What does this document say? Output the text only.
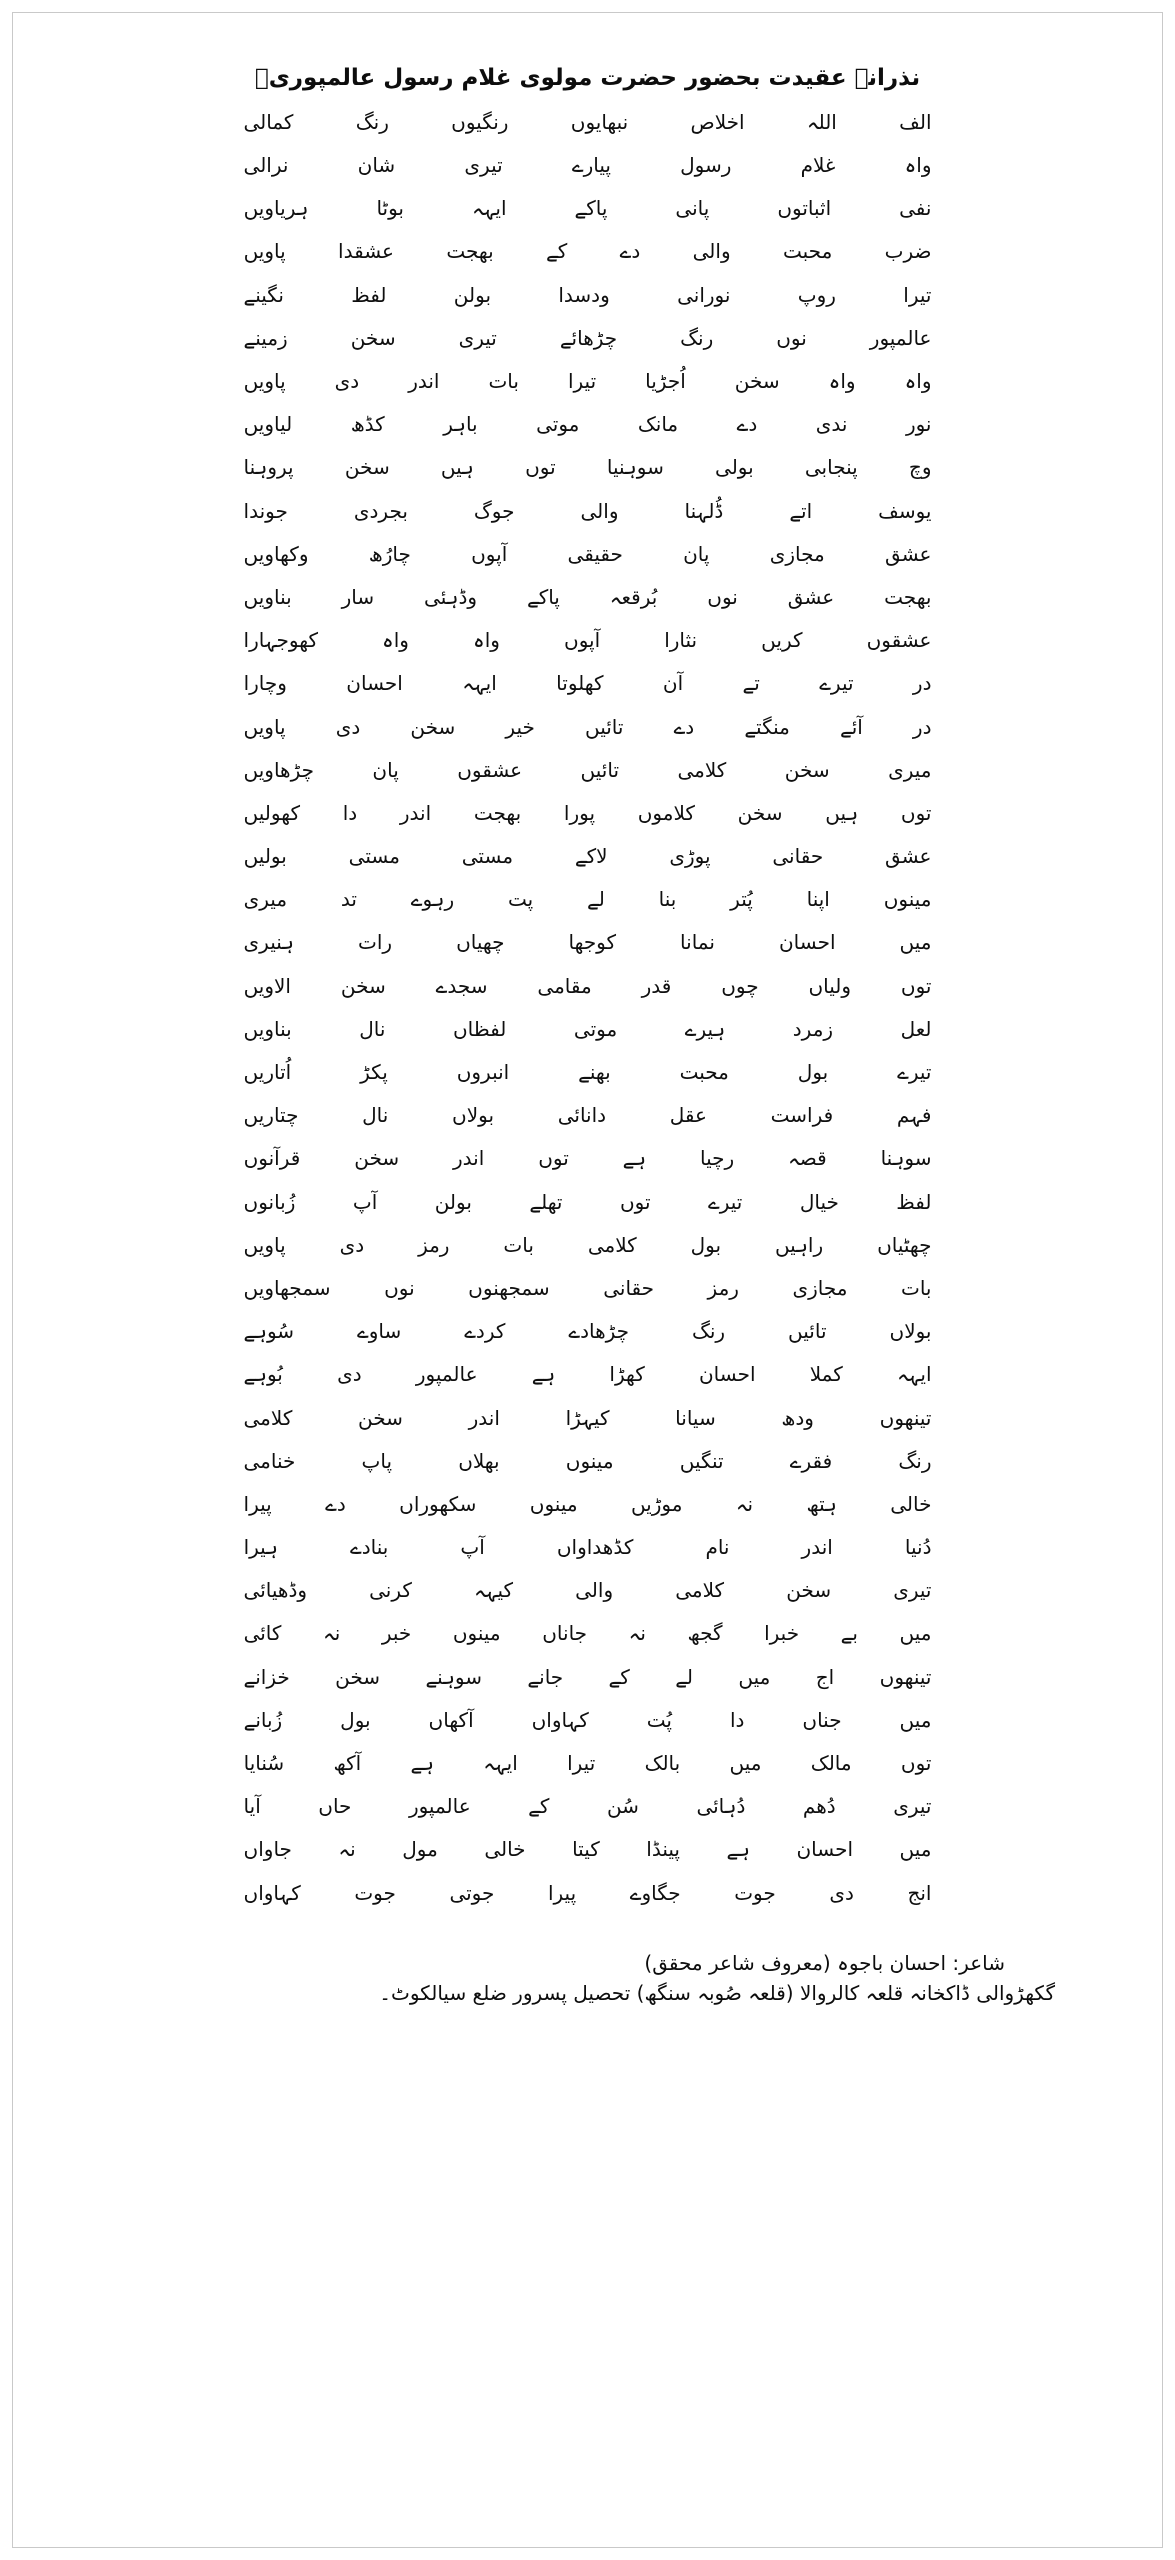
نذرانہ عقیدت بحضور حضرت مولوی غلام رسول عالمپوریؒ
الف
اللہ
اخلاص
نبھایوں
رنگیوں
رنگ
کمالی
واہ
غلام
رسول
پیارے
تیری
شان
نرالی
نفی
اثباتوں
پانی
پاکے
ایہہ
بوٹا
ہریاویں
ضرب
محبت
والی
دے
کے
بھجت
عشقدا
پاویں
تیرا
روپ
نورانی
ودسدا
بولن
لفظ
نگینے
عالمپور
نوں
رنگ
چڑھائے
تیری
سخن
زمینے
واہ
واہ
سخن
اُجڑیا
تیرا
بات
اندر
دی
پاویں
نور
ندی
دے
مانک
موتی
باہر
کڈھ
لیاویں
وچ
پنجابی
بولی
سوہنیا
توں
ہیں
سخن
پروہنا
یوسف
اتے
ڈُلہنا
والی
جوگ
بجردی
جوندا
عشق
مجازی
پان
حقیقی
آپوں
چارُھ
وکھاویں
بھجت
عشق
نوں
بُرقعہ
پاکے
وڈہئی
سار
بناویں
عشقوں
کریں
نثارا
آپوں
واہ
واہ
کھوجہارا
در
تیرے
تے
آن
کھلوتا
ایہہ
احسان
وچارا
در
آئے
منگتے
دے
تائیں
خیر
سخن
دی
پاویں
میری
سخن
کلامی
تائیں
عشقوں
پان
چڑھاویں
توں
ہیں
سخن
کلاموں
پورا
بھجت
اندر
دا
کھولیں
عشق
حقانی
پوڑی
لاکے
مستی
مستی
بولیں
مینوں
اپنا
پُتر
بنا
لے
پت
رہوے
تد
میری
میں
احسان
نمانا
کوجھا
چھیاں
رات
ہنیری
توں
ولیاں
چوں
قدر
مقامی
سجدے
سخن
الاویں
لعل
زمرد
ہیرے
موتی
لفظاں
نال
بناویں
تیرے
بول
محبت
بھنے
انبروں
پکڑ
اُتاریں
فہم
فراست
عقل
دانائی
بولاں
نال
چتاریں
سوہنا
قصہ
رچیا
ہے
توں
اندر
سخن
قرآنوں
لفظ
خیال
تیرے
توں
تھلے
بولن
آپ
زُبانوں
چھٹیاں
راہیں
بول
کلامی
بات
رمز
دی
پاویں
بات
مجازی
رمز
حقانی
سمجھنوں
نوں
سمجھاویں
بولاں
تائیں
رنگ
چڑھادے
کردے
ساوے
سُوہے
ایہہ
کملا
احسان
کھڑا
ہے
عالمپور
دی
بُوہے
تینھوں
ودھ
سیانا
کیہڑا
اندر
سخن
کلامی
رنگ
فقرے
تنگیں
مینوں
بھلاں
پاپ
خنامی
خالی
ہتھ
نہ
موڑیں
مینوں
سکھوراں
دے
پیرا
دُنیا
اندر
نام
کڈھداواں
آپ
بنادے
ہیرا
تیری
سخن
کلامی
والی
کیہہ
کرنی
وڈھیائی
میں
بے
خبرا
گجھ
نہ
جاناں
مینوں
خبر
نہ
کائی
تینھوں
اج
میں
لے
کے
جانے
سوہنے
سخن
خزانے
میں
جناں
دا
پُت
کہاواں
آکھاں
بول
زُبانے
توں
مالک
میں
بالک
تیرا
ایہہ
ہے
آکھ
سُنایا
تیری
دُھم
دُہائی
سُن
کے
عالمپور
حاں
آیا
میں
احسان
ہے
پینڈا
کیتا
خالی
مول
نہ
جاواں
انج
دی
جوت
جگاوے
پیرا
جوتی
جوت
کہاواں
شاعر: احسان باجوہ (معروف شاعر محقق)
گکھڑوالی ڈاکخانہ قلعہ کالروالا (قلعہ صُوبہ سنگھ) تحصیل پسرور ضلع سیالکوٹ۔
